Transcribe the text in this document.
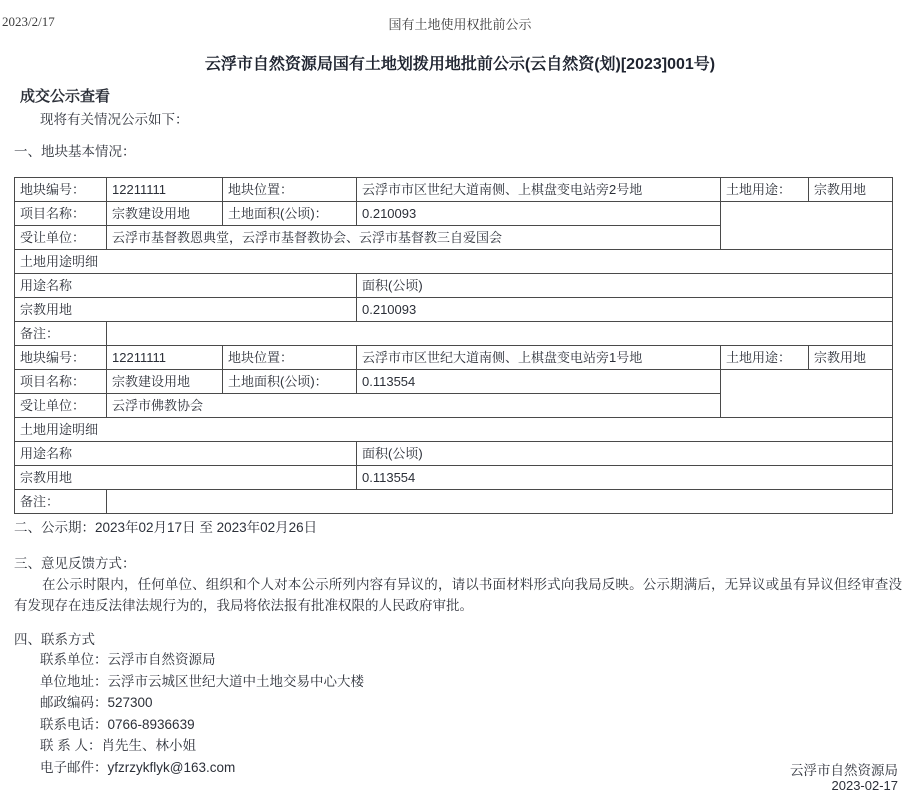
2023/2/17	国有土地使用权批前公示
云浮市自然资源局国有土地划拨用地批前公示(云自然资(划)[2023]001号)
成交公示查看
现将有关情况公示如下：
一、地块基本情况：
地块编号：	12211111	地块位置：	云浮市市区世纪大道南侧、上棋盘变电站旁2号地	土地用途：	宗教用地
项目名称：	宗教建设用地	土地面积(公顷)：	0.210093		
受让单位：	云浮市基督教恩典堂，云浮市基督教协会、云浮市基督教三自爱国会				
土地用途明细					
用途名称			面积(公顷)		
宗教用地			0.210093		
备注：					
地块编号：	12211111	地块位置：	云浮市市区世纪大道南侧、上棋盘变电站旁1号地	土地用途：	宗教用地
项目名称：	宗教建设用地	土地面积(公顷)：	0.113554		
受让单位：	云浮市佛教协会				
土地用途明细					
用途名称			面积(公顷)		
宗教用地			0.113554		
备注：					
二、公示期：2023年02月17日 至 2023年02月26日
三、意见反馈方式：
在公示时限内，任何单位、组织和个人对本公示所列内容有异议的，请以书面材料形式向我局反映。公示期满后，无异议或虽有异议但经审查没有发现存在违反法律法规行为的，我局将依法报有批准权限的人民政府审批。
四、联系方式
联系单位：云浮市自然资源局
单位地址：云浮市云城区世纪大道中土地交易中心大楼
邮政编码：527300
联系电话：0766-8936639
联 系 人：肖先生、林小姐
电子邮件：yfzrzykflyk@163.com	云浮市自然资源局
2023-02-17
